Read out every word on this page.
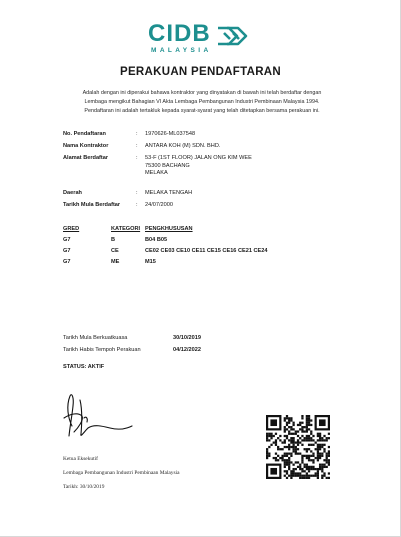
CIDB
MALAYSIA
PERAKUAN PENDAFTARAN
Adalah dengan ini diperakui bahawa kontraktor yang dinyatakan di bawah ini telah berdaftar dengan
Lembaga mengikut Bahagian VI Akta Lembaga Pembangunan Industri Pembinaan Malaysia 1994.
Pendaftaran ini adalah tertakluk kepada syarat-syarat yang telah ditetapkan bersama perakuan ini.
No. Pendaftaran	: 1970626-ML037548
Nama Kontraktor	: ANTARA KOH (M) SDN. BHD.
Alamat Berdaftar	: 53-F (1ST FLOOR) JALAN ONG KIM WEE
75300 BACHANG
MELAKA
Daerah	: MELAKA TENGAH
Tarikh Mula Berdaftar	: 24/07/2000
GRED	KATEGORI PENGKHUSUSAN
G7	B	B04 B05
G7	CE	CE02 CE03 CE10 CE11 CE15 CE16 CE21 CE24
G7	ME	M15
Tarikh Mula Berkuatkuasa	30/10/2019
Tarikh Habis Tempoh Perakuan	04/12/2022
STATUS: AKTIF
Ketua Eksekutif
Lembaga Pembangunan Industri Pembinaan Malaysia
Tarikh: 30/10/2019
